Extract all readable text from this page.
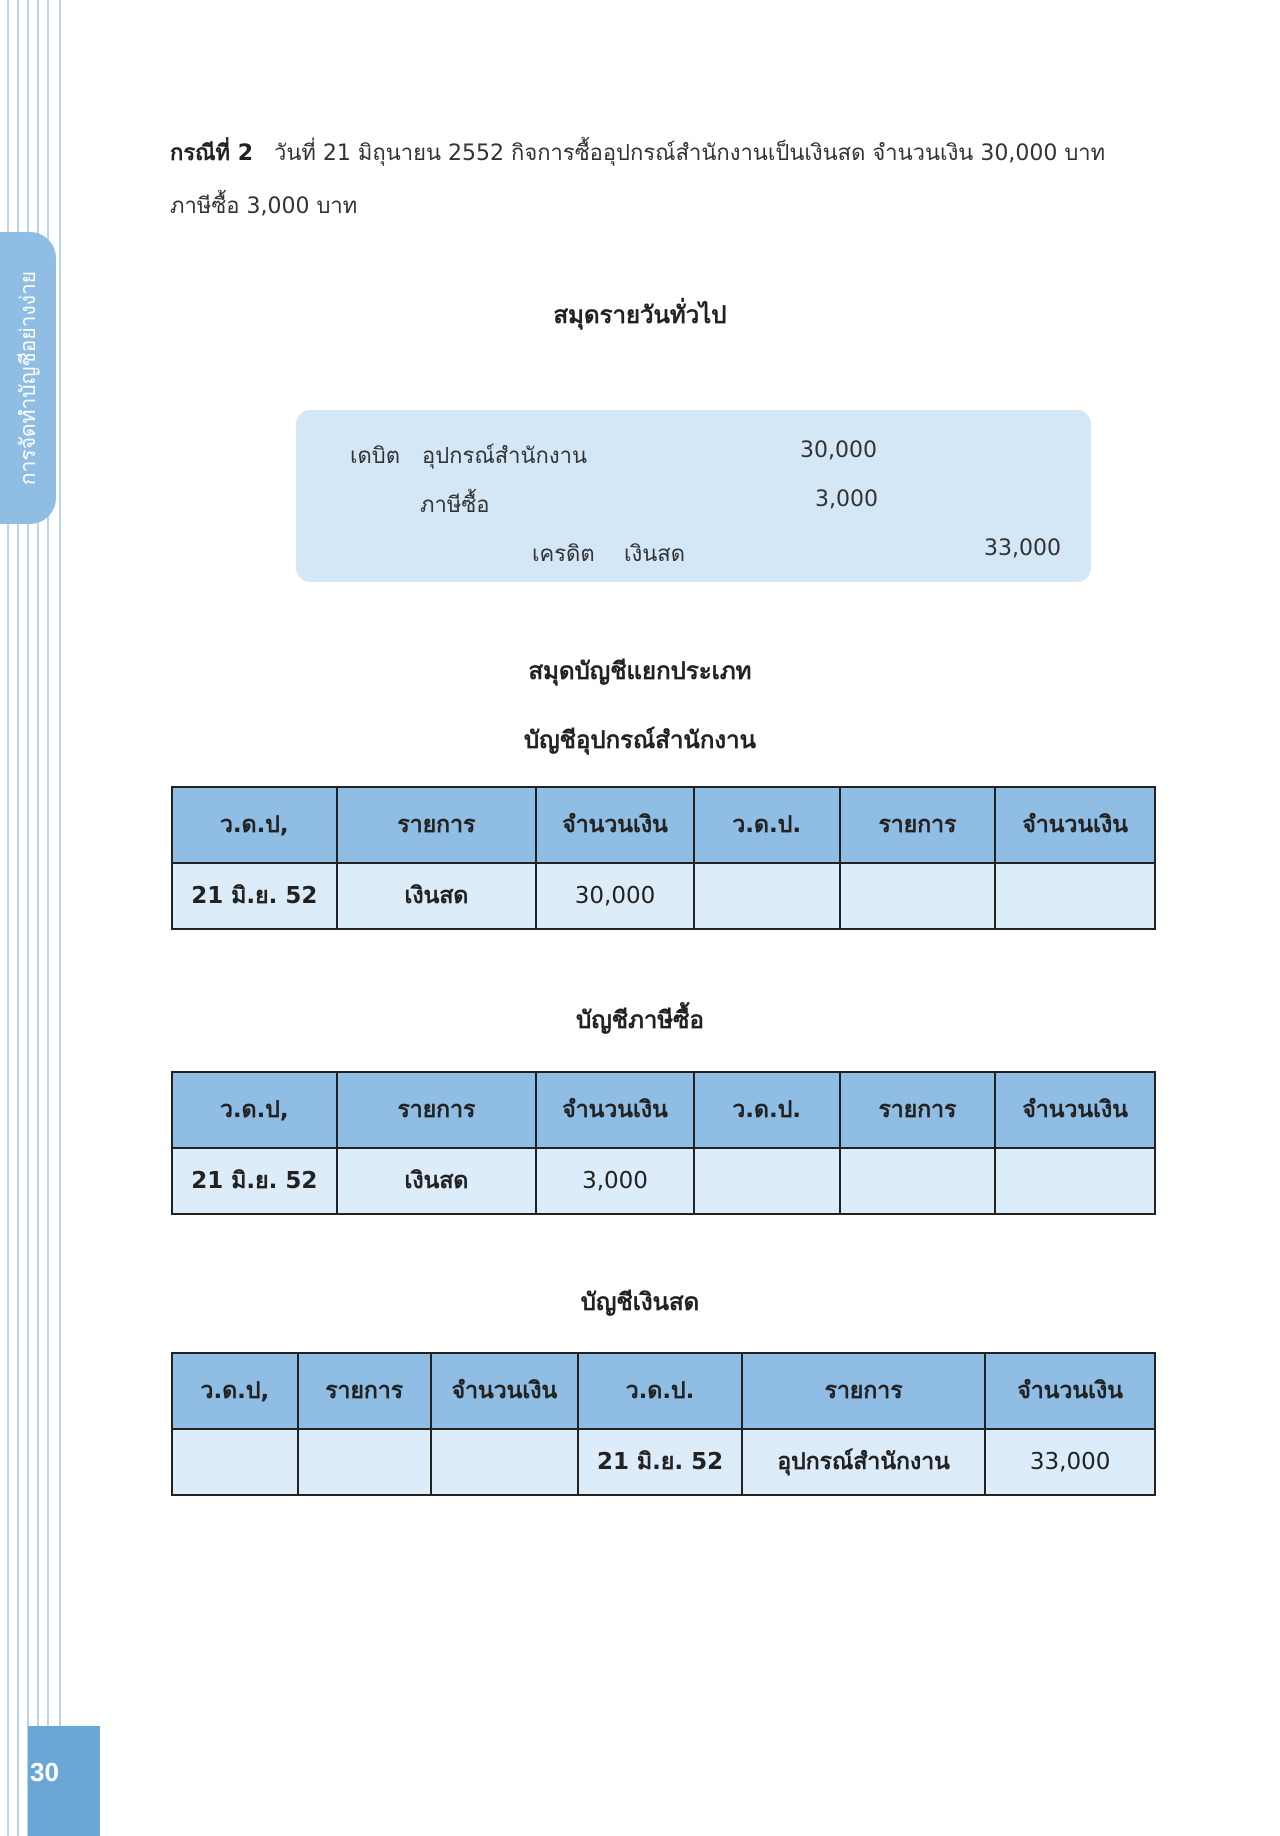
การจัดทำบัญชีอย่างง่าย
30
กรณีที่ 2 วันที่ 21 มิถุนายน 2552 กิจการซื้ออุปกรณ์สำนักงานเป็นเงินสด จำนวนเงิน 30,000 บาท
ภาษีซื้อ 3,000 บาท
สมุดรายวันทั่วไป
เดบิต อุปกรณ์สำนักงาน	30,000
ภาษีซื้อ	3,000
เครดิต เงินสด	33,000
สมุดบัญชีแยกประเภท
บัญชีอุปกรณ์สำนักงาน
ว.ด.ป,	รายการ	จำนวนเงิน	ว.ด.ป.	รายการ	จำนวนเงิน
21 มิ.ย. 52	เงินสด	30,000			
บัญชีภาษีซื้อ
ว.ด.ป,	รายการ	จำนวนเงิน	ว.ด.ป.	รายการ	จำนวนเงิน
21 มิ.ย. 52	เงินสด	3,000			
บัญชีเงินสด
ว.ด.ป,	รายการ	จำนวนเงิน	ว.ด.ป.	รายการ	จำนวนเงิน
			21 มิ.ย. 52	อุปกรณ์สำนักงาน	33,000
